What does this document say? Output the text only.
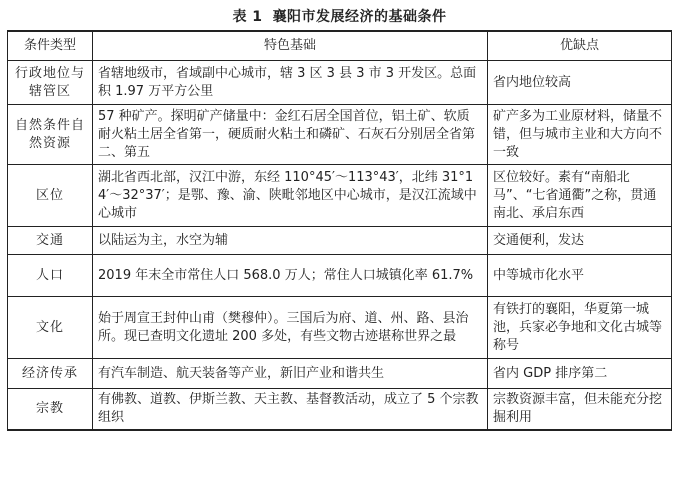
表 1 襄阳市发展经济的基础条件
条件类型	特色基础	优缺点
行政地位与辖管区	省辖地级市，省域副中心城市，辖 3 区 3 县 3 市 3 开发区。总面积 1.97 万平方公里	省内地位较高
自然条件自然资源	57 种矿产。探明矿产储量中：金红石居全国首位，铝土矿、软质耐火粘土居全省第一，硬质耐火粘土和磷矿、石灰石分别居全省第二、第五	矿产多为工业原材料，储量不错，但与城市主业和大方向不一致
区位	湖北省西北部，汉江中游，东经 110°45′～113°43′，北纬 31°14′～32°37′；是鄂、豫、渝、陕毗邻地区中心城市，是汉江流域中心城市	区位较好。素有“南船北马”、“七省通衢”之称，贯通南北、承启东西
交通	以陆运为主，水空为辅	交通便利，发达
人口	2019 年末全市常住人口 568.0 万人；常住人口城镇化率 61.7%	中等城市化水平
文化	始于周宣王封仲山甫（樊穆仲）。三国后为府、道、州、路、县治所。现已查明文化遗址 200 多处，有些文物古迹堪称世界之最	有铁打的襄阳，华夏第一城池，兵家必争地和文化古城等称号
经济传承	有汽车制造、航天装备等产业，新旧产业和谐共生	省内 GDP 排序第二
宗教	有佛教、道教、伊斯兰教、天主教、基督教活动，成立了 5 个宗教组织	宗教资源丰富，但未能充分挖掘利用
